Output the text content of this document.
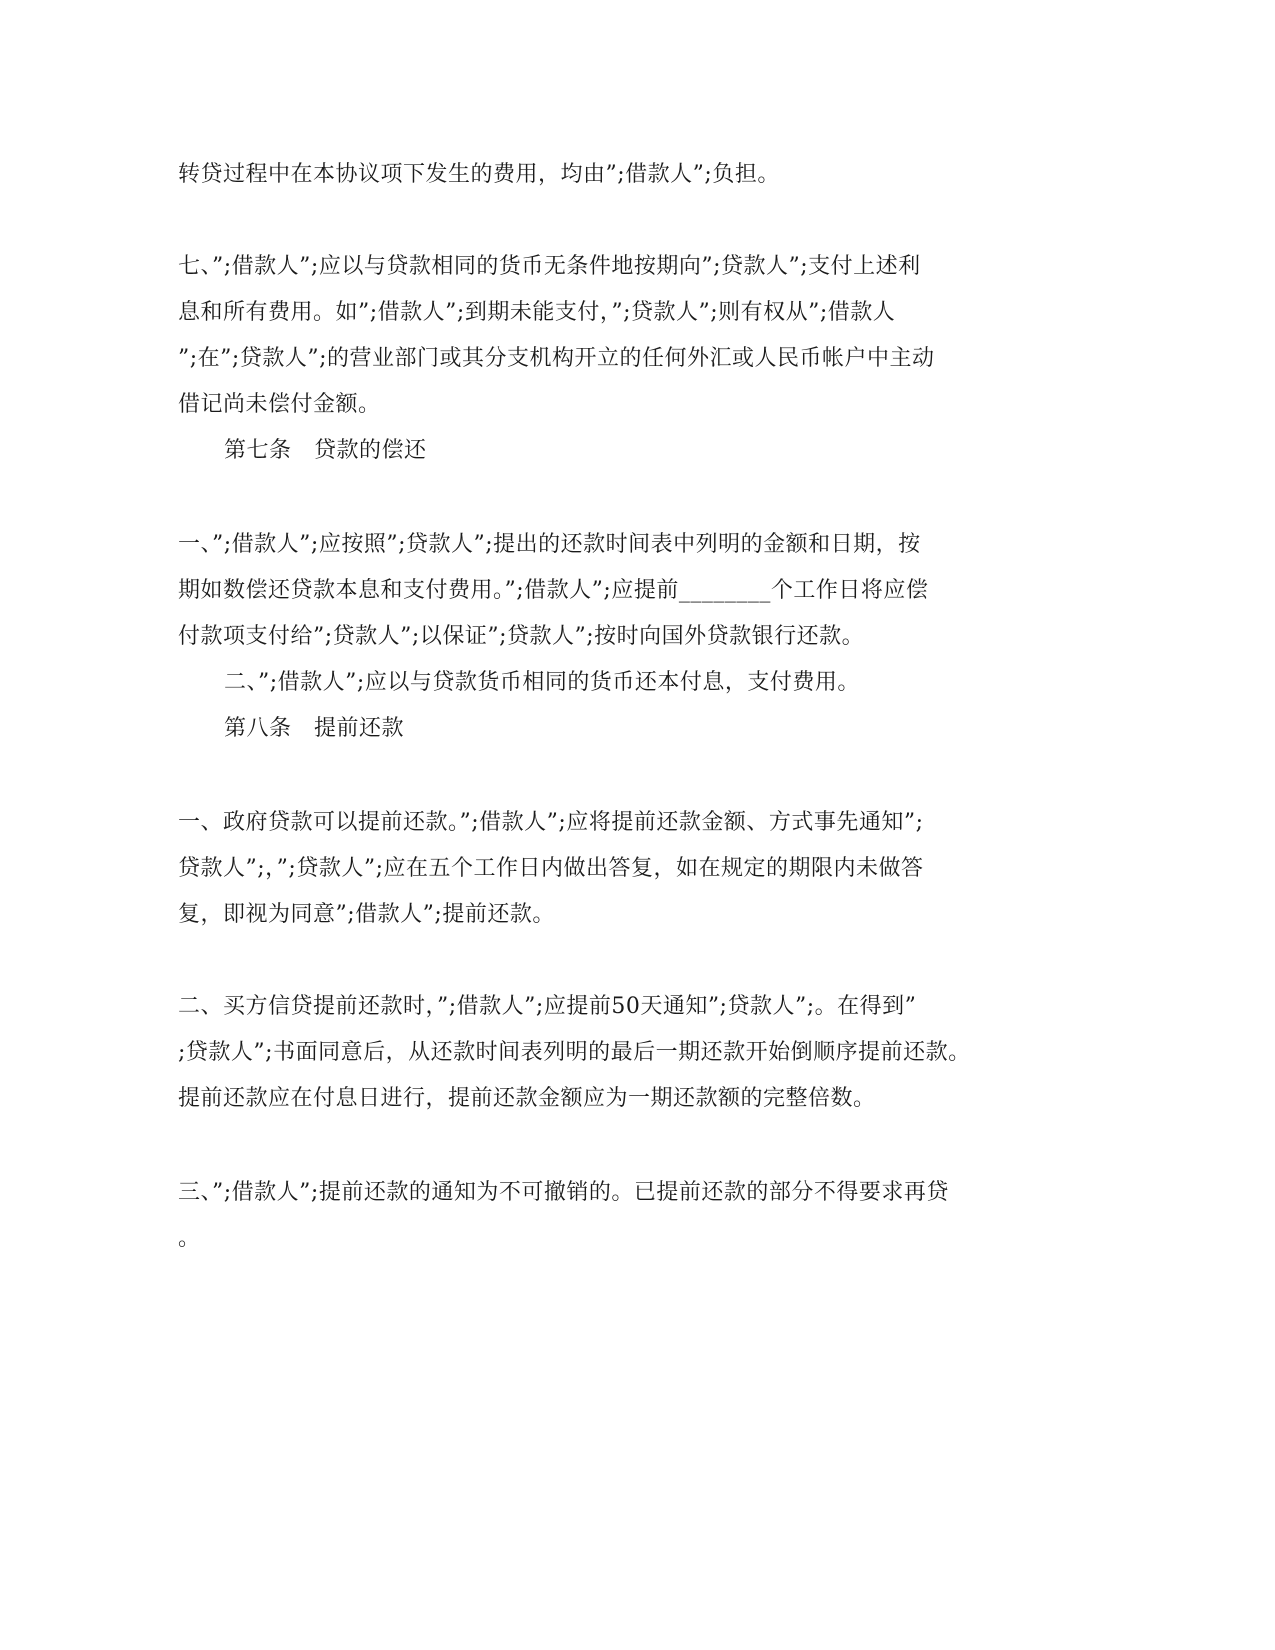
转贷过程中在本协议项下发生的费用，均由”;借款人”;负担。
七、”;借款人”;应以与贷款相同的货币无条件地按期向”;贷款人”;支付上述利
息和所有费用。如”;借款人”;到期未能支付，”;贷款人”;则有权从”;借款人
”;在”;贷款人”;的营业部门或其分支机构开立的任何外汇或人民币帐户中主动
借记尚未偿付金额。
第七条　贷款的偿还
一、”;借款人”;应按照”;贷款人”;提出的还款时间表中列明的金额和日期，按
期如数偿还贷款本息和支付费用。”;借款人”;应提前________个工作日将应偿
付款项支付给”;贷款人”;以保证”;贷款人”;按时向国外贷款银行还款。
二、”;借款人”;应以与贷款货币相同的货币还本付息，支付费用。
第八条　提前还款
一、政府贷款可以提前还款。”;借款人”;应将提前还款金额、方式事先通知”;
贷款人”;，”;贷款人”;应在五个工作日内做出答复，如在规定的期限内未做答
复，即视为同意”;借款人”;提前还款。
二、买方信贷提前还款时，”;借款人”;应提前50天通知”;贷款人”;。在得到”
;贷款人”;书面同意后，从还款时间表列明的最后一期还款开始倒顺序提前还款。
提前还款应在付息日进行，提前还款金额应为一期还款额的完整倍数。
三、”;借款人”;提前还款的通知为不可撤销的。已提前还款的部分不得要求再贷
。
